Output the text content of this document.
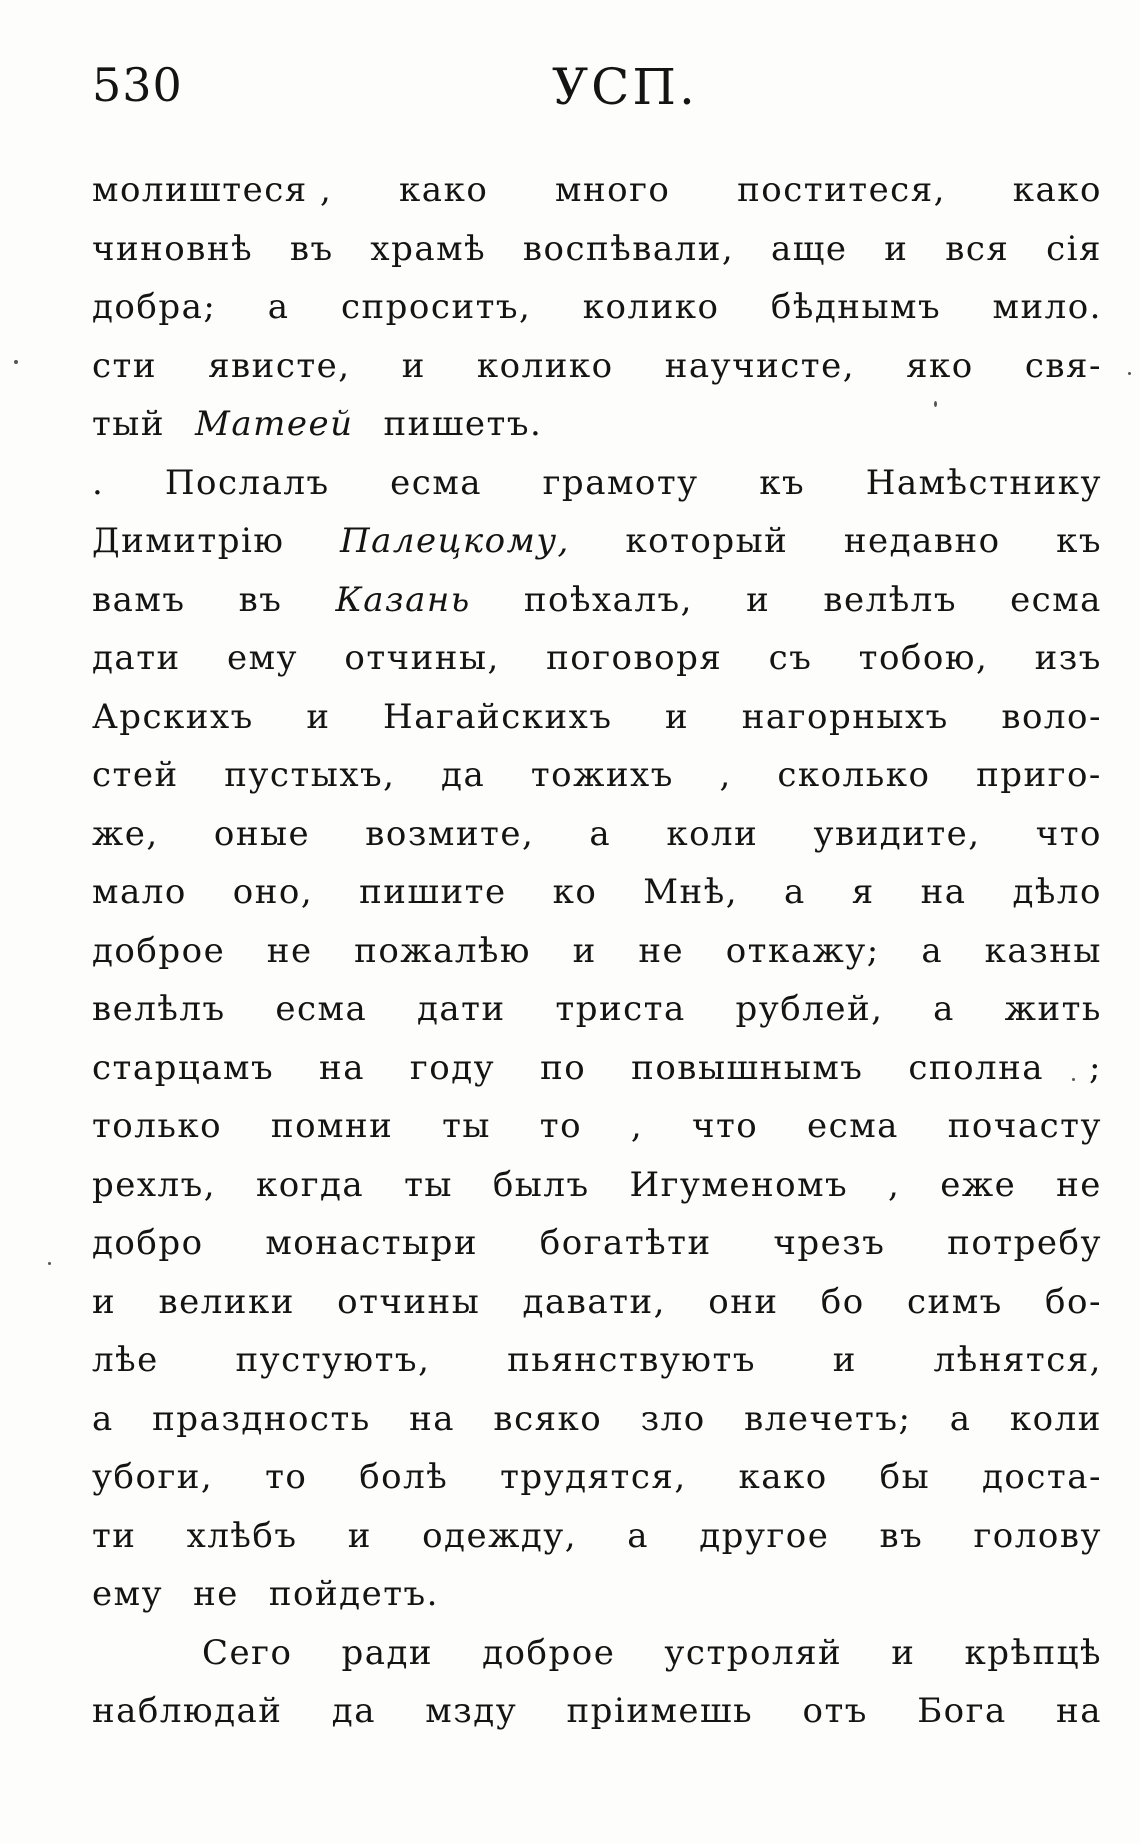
530	УСП.
молиштеся , како много поститеся, како
чиновнѣ въ храмѣ воспѣвали, аще и вся сія
добра; а спроситъ, колико бѣднымъ мило.
сти явисте, и колико научисте, яко свя-
тый Матеей пишетъ.
. Послалъ есма грамоту къ Намѣстнику
Димитрію Палецкому, который недавно къ
вамъ въ Казань поѣхалъ, и велѣлъ есма
дати ему отчины, поговоря съ тобою, изъ
Арскихъ и Нагайскихъ и нагорныхъ воло-
стей пустыхъ, да тожихъ , сколько приго-
же, оные возмите, а коли увидите, что
мало оно, пишите ко Мнѣ, а я на дѣло
доброе не пожалѣю и не откажу; а казны
велѣлъ есма дати триста рублей, а жить
старцамъ на году по повышнымъ сполна ;
только помни ты то , что есма почасту
рехлъ, когда ты былъ Игуменомъ , еже не
добро монастыри богатѣти чрезъ потребу
и велики отчины давати, они бо симъ бо-
лѣе пустуютъ, пьянствуютъ и лѣнятся,
а праздность на всяко зло влечетъ; а коли
убоги, то болѣ трудятся, како бы доста-
ти хлѣбъ и одежду, а другое въ голову
ему не пойдетъ.
Сего ради доброе устроляй и крѣпцѣ
наблюдай да мзду пріимешь отъ Бога на
